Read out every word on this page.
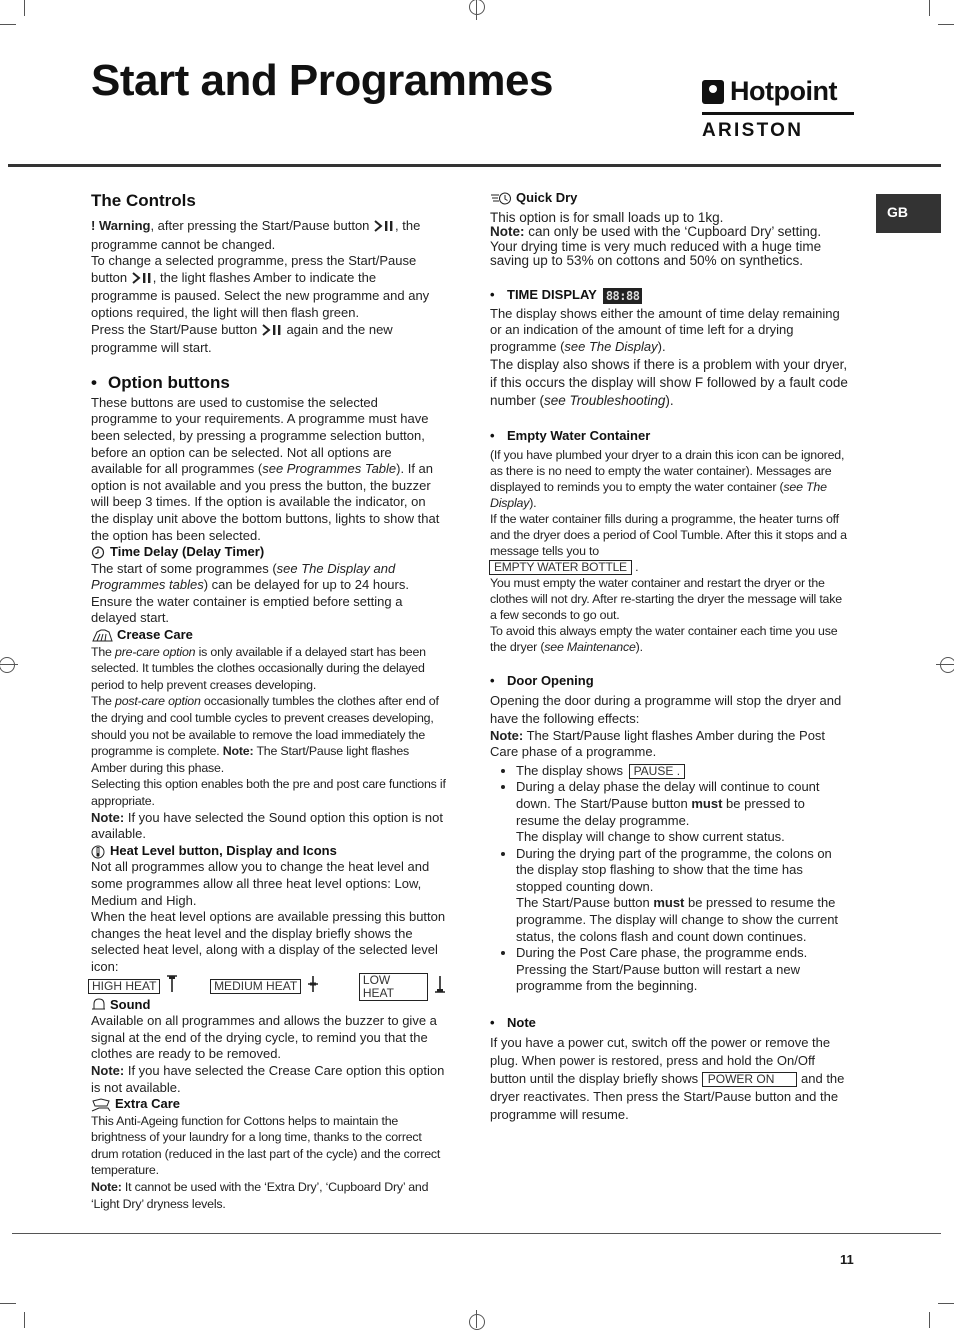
Start and Programmes	Hotpoint
ARISTON
GB
The Controls

! Warning, after pressing the Start/Pause button , the programme cannot be changed.

To change a selected programme, press the Start/Pause button , the light flashes Amber to indicate the programme is paused. Select the new programme and any options required, the light will then flash green.

Press the Start/Pause button  again and the new programme will start.

• Option buttons

These buttons are used to customise the selected programme to your requirements. A programme must have been selected, by pressing a programme selection button, before an option can be selected. Not all options are available for all programmes (see Programmes Table). If an option is not available and you press the button, the buzzer will beep 3 times. If the option is available the indicator, on the display unit above the bottom buttons, lights to show that the option has been selected.

Time Delay (Delay Timer)

The start of some programmes (see The Display and Programmes tables) can be delayed for up to 24 hours. Ensure the water container is emptied before setting a delayed start.

Crease Care

The pre-care option is only available if a delayed start has been selected. It tumbles the clothes occasionally during the delayed period to help prevent creases developing.

The post-care option occasionally tumbles the clothes after end of the drying and cool tumble cycles to prevent creases developing, should you not be available to remove the load immediately the programme is complete. Note: The Start/Pause light flashes Amber during this phase.

Selecting this option enables both the pre and post care functions if appropriate.

Note: If you have selected the Sound option this option is not available.

Heat Level button, Display and Icons

Not all programmes allow you to change the heat level and some programmes allow all three heat level options: Low, Medium and High.

When the heat level options are available pressing this button changes the heat level and the display briefly shows the selected heat level, along with a display of the selected level icon:

HIGH HEAT	MEDIUM HEAT	LOW HEAT
Sound

Available on all programmes and allows the buzzer to give a signal at the end of the drying cycle, to remind you that the clothes are ready to be removed.

Note: If you have selected the Crease Care option this option is not available.

Extra Care

This Anti-Ageing function for Cottons helps to maintain the brightness of your laundry for a long time, thanks to the correct drum rotation (reduced in the last part of the cycle) and the correct temperature.

Note: It cannot be used with the ‘Extra Dry’, ‘Cupboard Dry’ and ‘Light Dry’ dryness levels.

Quick Dry

This option is for small loads up to 1kg.

Note: can only be used with the ‘Cupboard Dry’ setting. Your drying time is very much reduced with a huge time saving up to 53% on cottons and 50% on synthetics.

• TIME DISPLAY 88:88

The display shows either the amount of time delay remaining or an indication of the amount of time left for a drying programme (see The Display).

The display also shows if there is a problem with your dryer, if this occurs the display will show F followed by a fault code number (see Troubleshooting).

• Empty Water Container

(If you have plumbed your dryer to a drain this icon can be ignored, as there is no need to empty the water container). Messages are displayed to reminds you to empty the water container (see The Display).

If the water container fills during a programme, the heater turns off and the dryer does a period of Cool Tumble. After this it stops and a message tells you to

EMPTY WATER BOTTLE .

You must empty the water container and restart the dryer or the clothes will not dry. After re-starting the dryer the message will take a few seconds to go out.

To avoid this always empty the water container each time you use the dryer (see Maintenance).

• Door Opening

Opening the door during a programme will stop the dryer and have the following effects:

Note: The Start/Pause light flashes Amber during the Post Care phase of a programme.

• The display shows PAUSE .
• During a delay phase the delay will continue to count down. The Start/Pause button must be pressed to resume the delay programme.
The display will change to show current status.
• During the drying part of the programme, the colons on the display stop flashing to show that the time has stopped counting down.
The Start/Pause button must be pressed to resume the programme. The display will change to show the current status, the colons flash and count down continues.
• During the Post Care phase, the programme ends. Pressing the Start/Pause button will restart a new programme from the beginning.
• Note

If you have a power cut, switch off the power or remove the plug. When power is restored, press and hold the On/Off button until the display briefly shows POWER ON and the dryer reactivates. Then press the Start/Pause button and the programme will resume.

11
